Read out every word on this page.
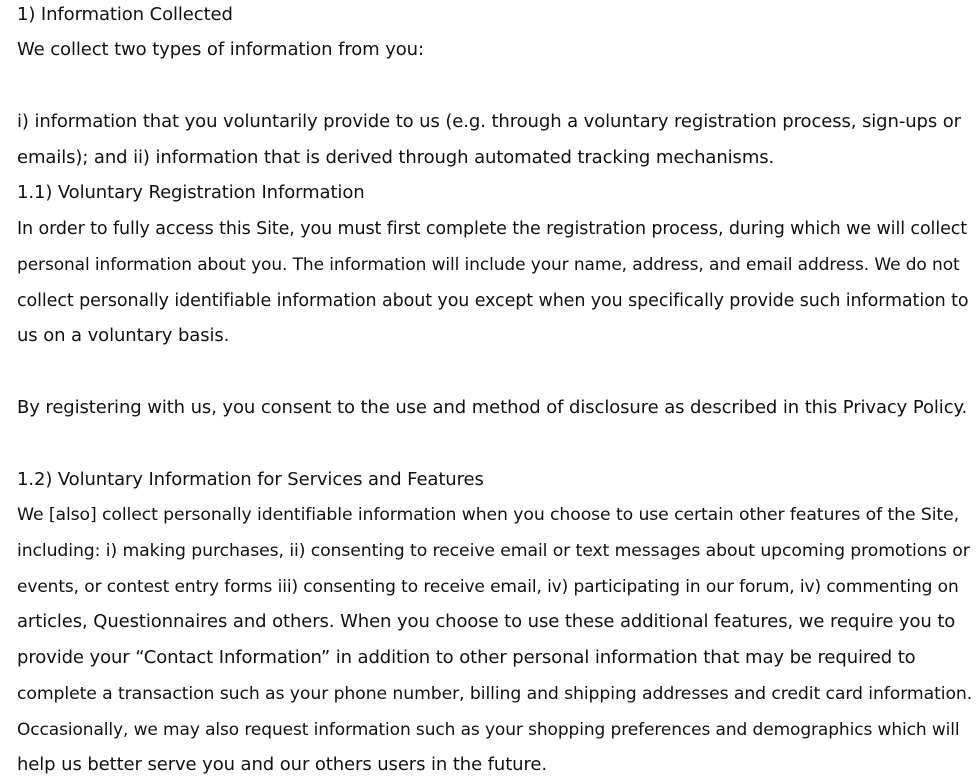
1) Information Collected
We collect two types of information from you:
i) information that you voluntarily provide to us (e.g. through a voluntary registration process, sign-ups or
emails); and ii) information that is derived through automated tracking mechanisms.
1.1) Voluntary Registration Information
In order to fully access this Site, you must first complete the registration process, during which we will collect
personal information about you. The information will include your name, address, and email address. We do not
collect personally identifiable information about you except when you specifically provide such information to
us on a voluntary basis.
By registering with us, you consent to the use and method of disclosure as described in this Privacy Policy.
1.2) Voluntary Information for Services and Features
We [also] collect personally identifiable information when you choose to use certain other features of the Site,
including: i) making purchases, ii) consenting to receive email or text messages about upcoming promotions or
events, or contest entry forms iii) consenting to receive email, iv) participating in our forum, iv) commenting on
articles, Questionnaires and others. When you choose to use these additional features, we require you to
provide your “Contact Information” in addition to other personal information that may be required to
complete a transaction such as your phone number, billing and shipping addresses and credit card information.
Occasionally, we may also request information such as your shopping preferences and demographics which will
help us better serve you and our others users in the future.
